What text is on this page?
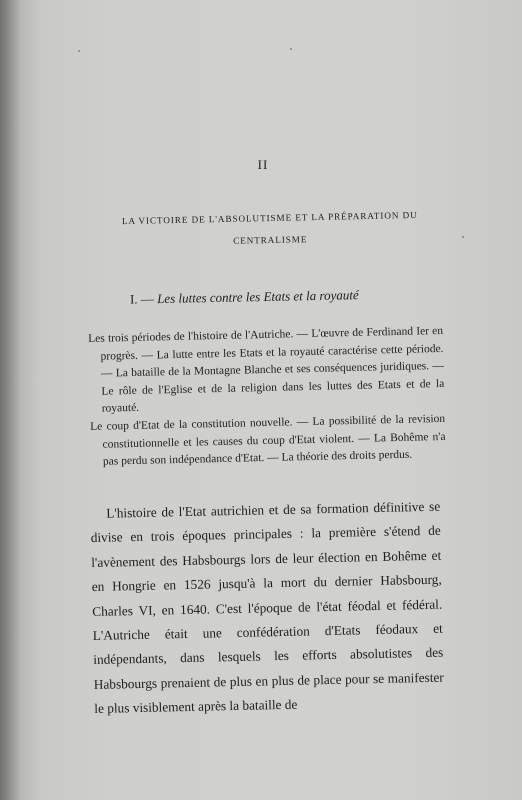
II
LA VICTOIRE DE L'ABSOLUTISME ET LA PRÉPARATION DU
CENTRALISME
I. — Les luttes contre les Etats et la royauté

Les trois périodes de l'histoire de l'Autriche. — L'œuvre de Ferdinand Ier en progrès. — La lutte entre les Etats et la royauté caractérise cette période. — La bataille de la Montagne Blanche et ses conséquences juridiques. — Le rôle de l'Eglise et de la religion dans les luttes des Etats et de la royauté.

Le coup d'Etat de la constitution nouvelle. — La possibilité de la revision constitutionnelle et les causes du coup d'Etat violent. — La Bohême n'a pas perdu son indépendance d'Etat. — La théorie des droits perdus.

L'histoire de l'Etat autrichien et de sa formation définitive se divise en trois époques principales : la première s'étend de l'avènement des Habsbourgs lors de leur élection en Bohême et en Hongrie en 1526 jusqu'à la mort du dernier Habsbourg, Charles VI, en 1640. C'est l'époque de l'état féodal et fédéral. L'Autriche était une confédération d'Etats féodaux et indépendants, dans lesquels les efforts absolutistes des Habsbourgs prenaient de plus en plus de place pour se manifester le plus visiblement après la bataille de
